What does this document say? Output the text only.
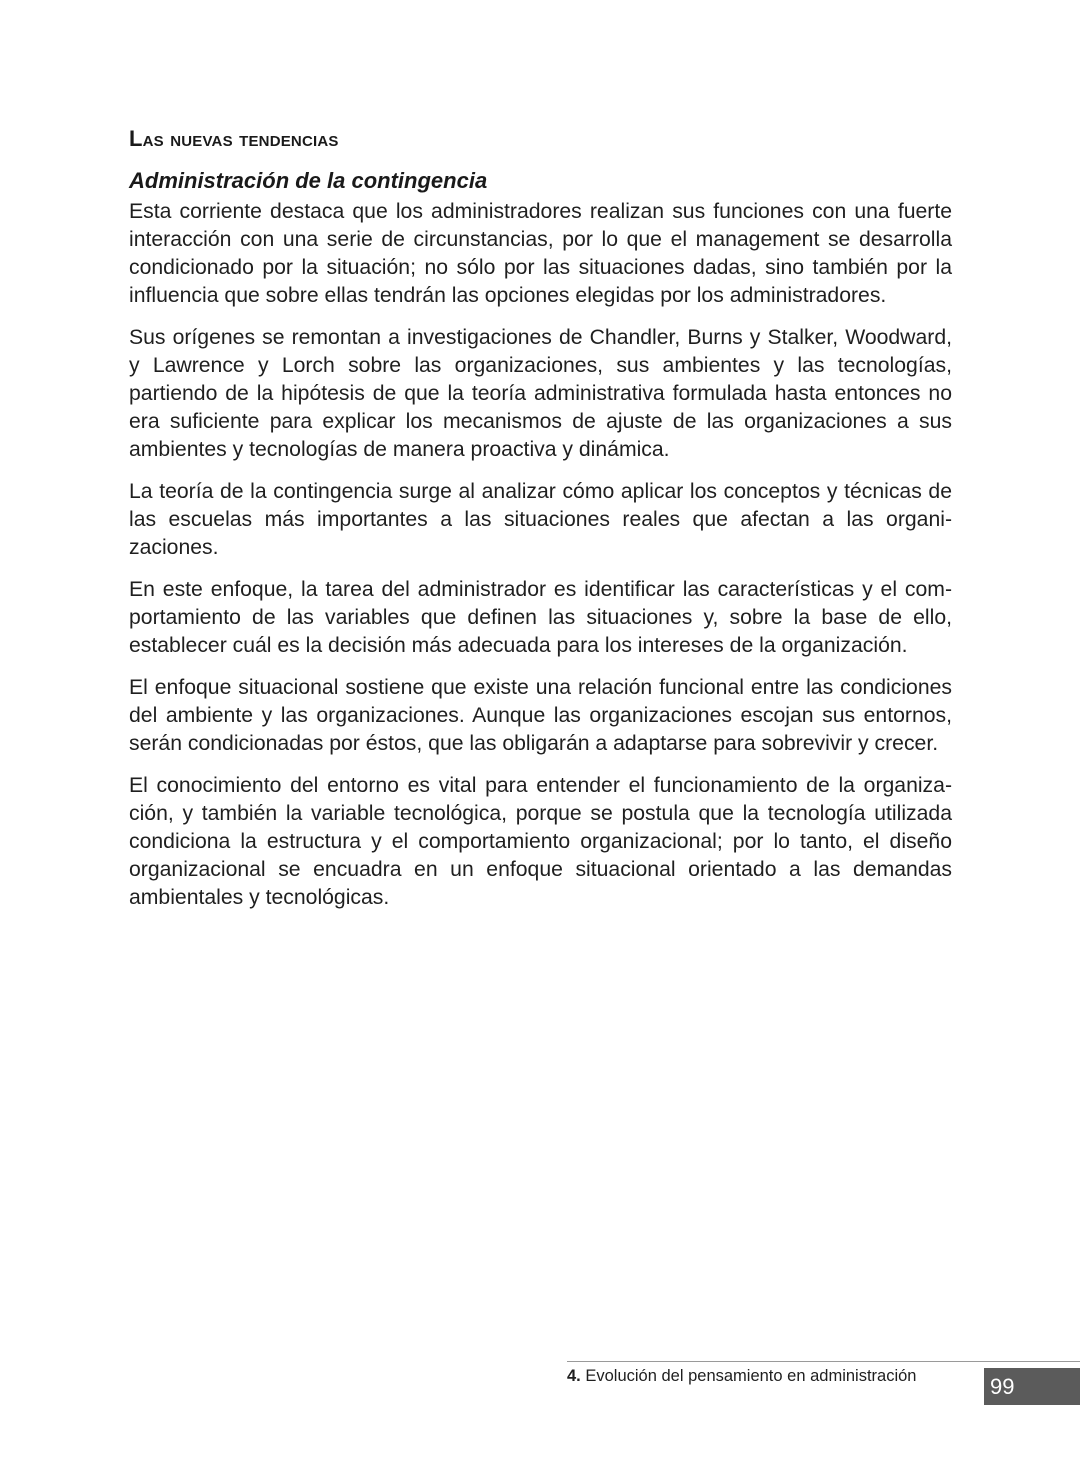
Las nuevas tendencias
Administración de la contingencia

Esta corriente destaca que los administradores realizan sus funciones con una fuerte interacción con una serie de circunstancias, por lo que el management se desarrolla condicionado por la situación; no sólo por las situaciones dadas, sino también por la influencia que sobre ellas tendrán las opciones elegidas por los administradores.

Sus orígenes se remontan a investigaciones de Chandler, Burns y Stalker, Woodward, y Lawrence y Lorch sobre las organizaciones, sus ambientes y las tecnologías, partiendo de la hipótesis de que la teoría administrativa formulada hasta entonces no era suficiente para explicar los mecanismos de ajuste de las organizaciones a sus ambientes y tecnologías de manera proactiva y dinámica.

La teoría de la contingencia surge al analizar cómo aplicar los conceptos y técnicas de las escuelas más importantes a las situaciones reales que afectan a las organizaciones.

En este enfoque, la tarea del administrador es identificar las características y el comportamiento de las variables que definen las situaciones y, sobre la base de ello, establecer cuál es la decisión más adecuada para los intereses de la organización.

El enfoque situacional sostiene que existe una relación funcional entre las condiciones del ambiente y las organizaciones. Aunque las organizaciones escojan sus entornos, serán condicionadas por éstos, que las obligarán a adaptarse para sobrevivir y crecer.

El conocimiento del entorno es vital para entender el funcionamiento de la organización, y también la variable tecnológica, porque se postula que la tecnología utilizada condiciona la estructura y el comportamiento organizacional; por lo tanto, el diseño organizacional se encuadra en un enfoque situacional orientado a las demandas ambientales y tecnológicas.

4. Evolución del pensamiento en administración	99
